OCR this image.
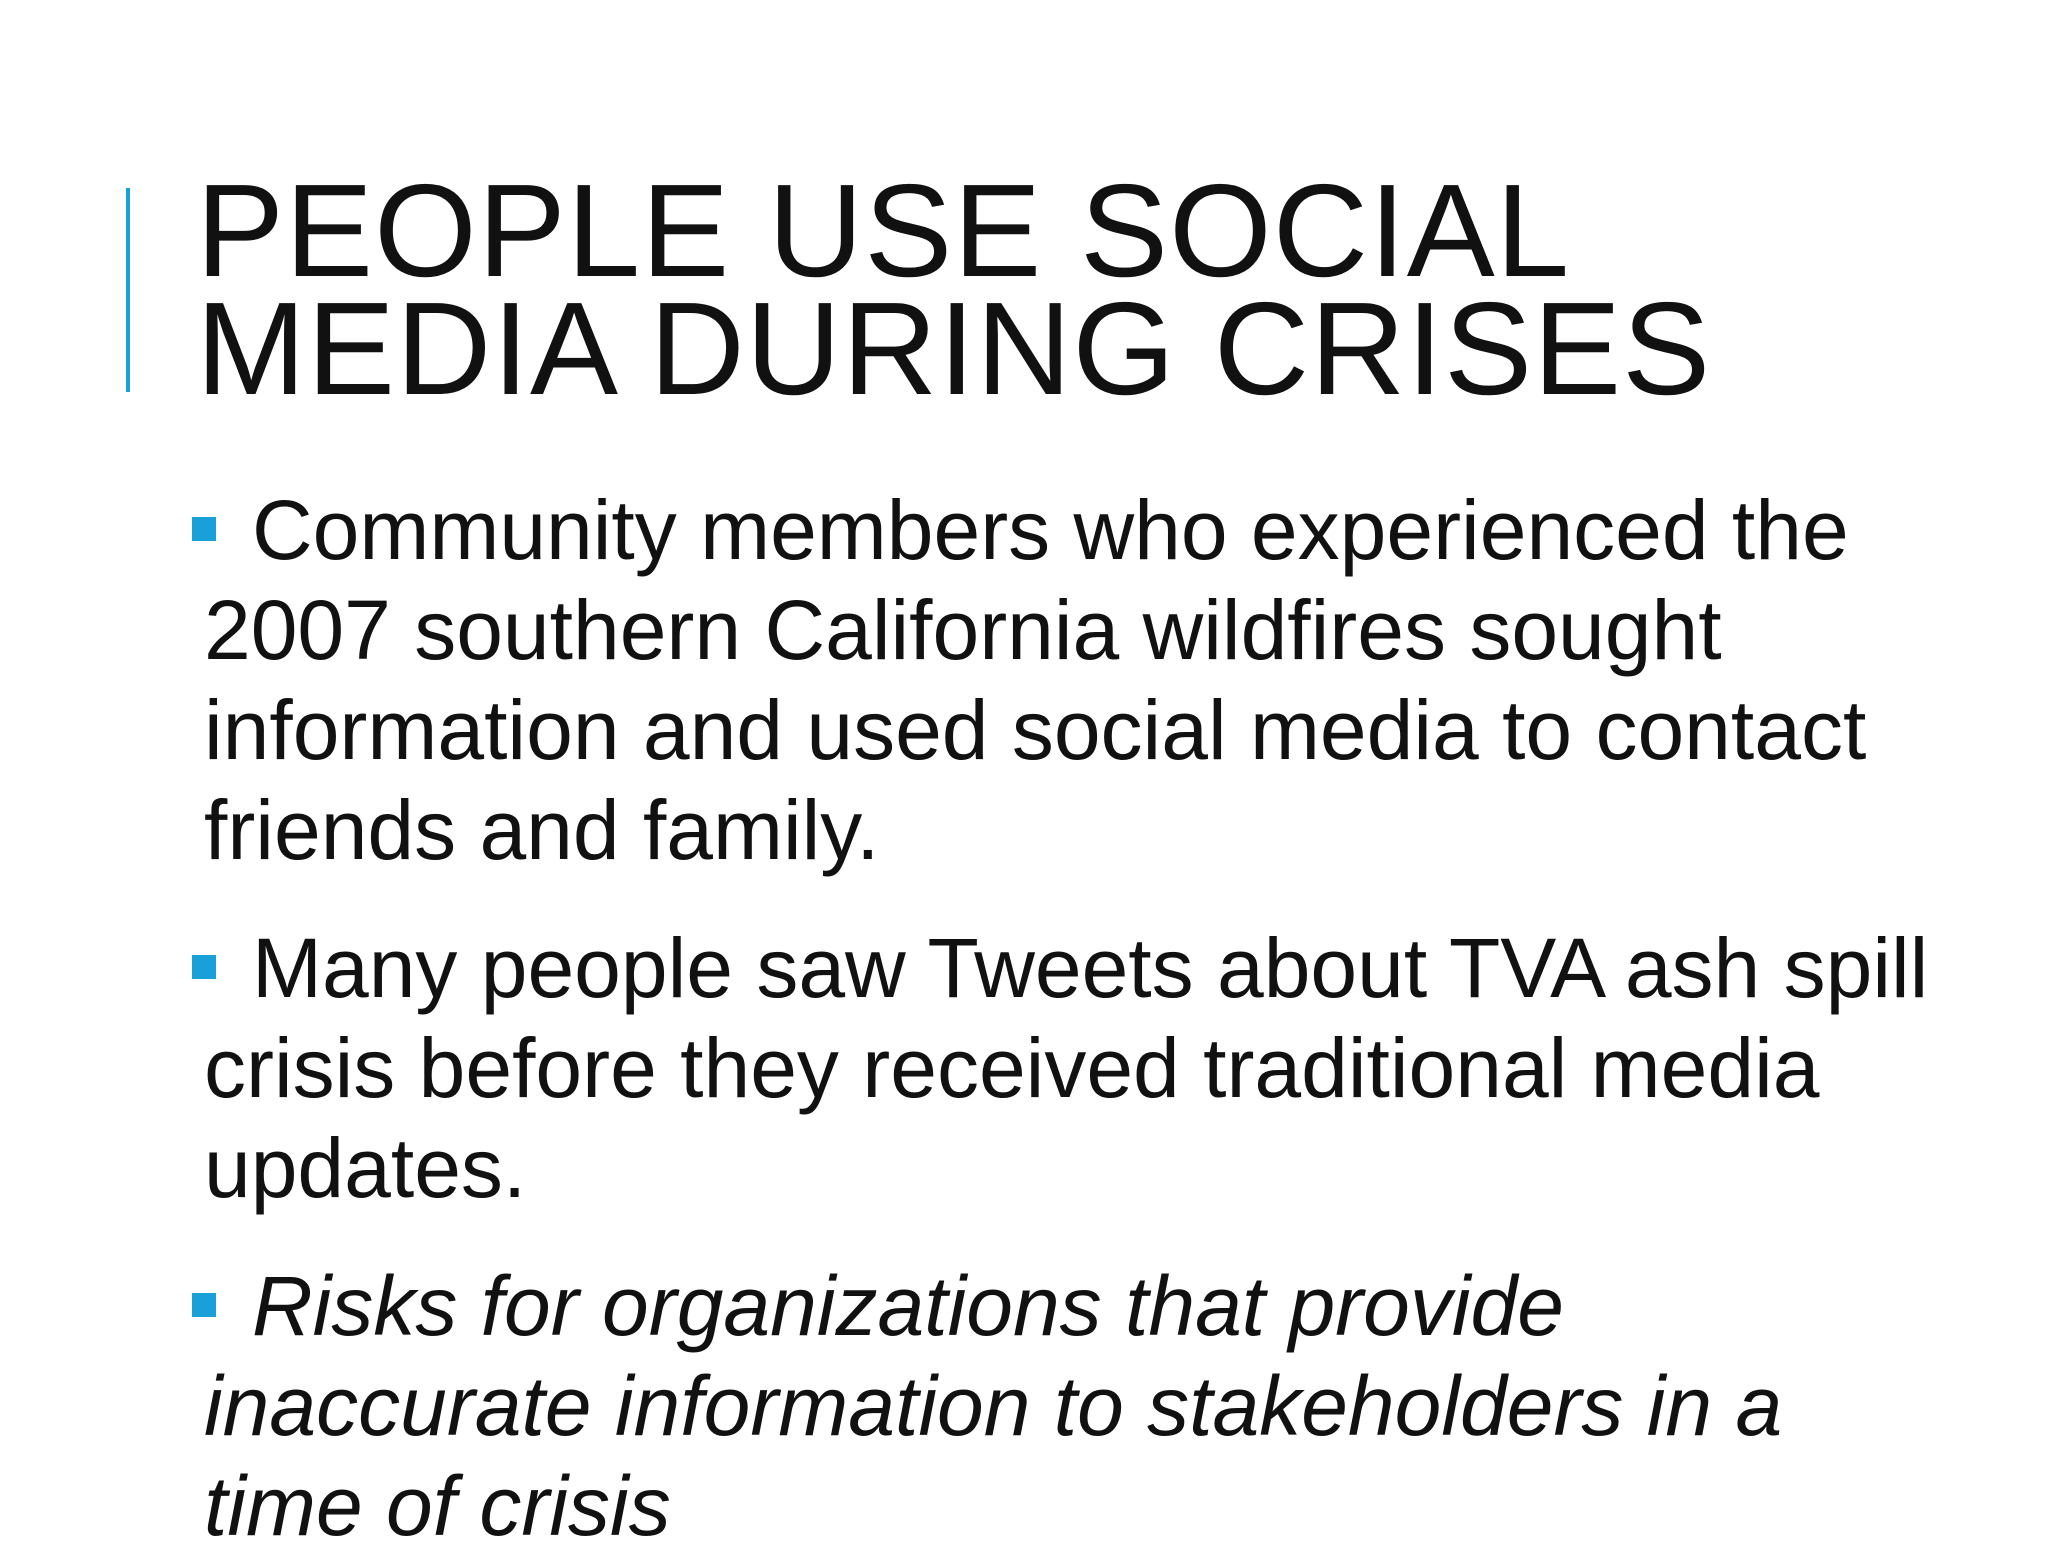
PEOPLE USE SOCIAL
MEDIA DURING CRISES
Community members who experienced the 2007 southern California wildfires sought information and used social media to contact friends and family.
Many people saw Tweets about TVA ash spill crisis before they received traditional media updates.
Risks for organizations that provide inaccurate information to stakeholders in a time of crisis
